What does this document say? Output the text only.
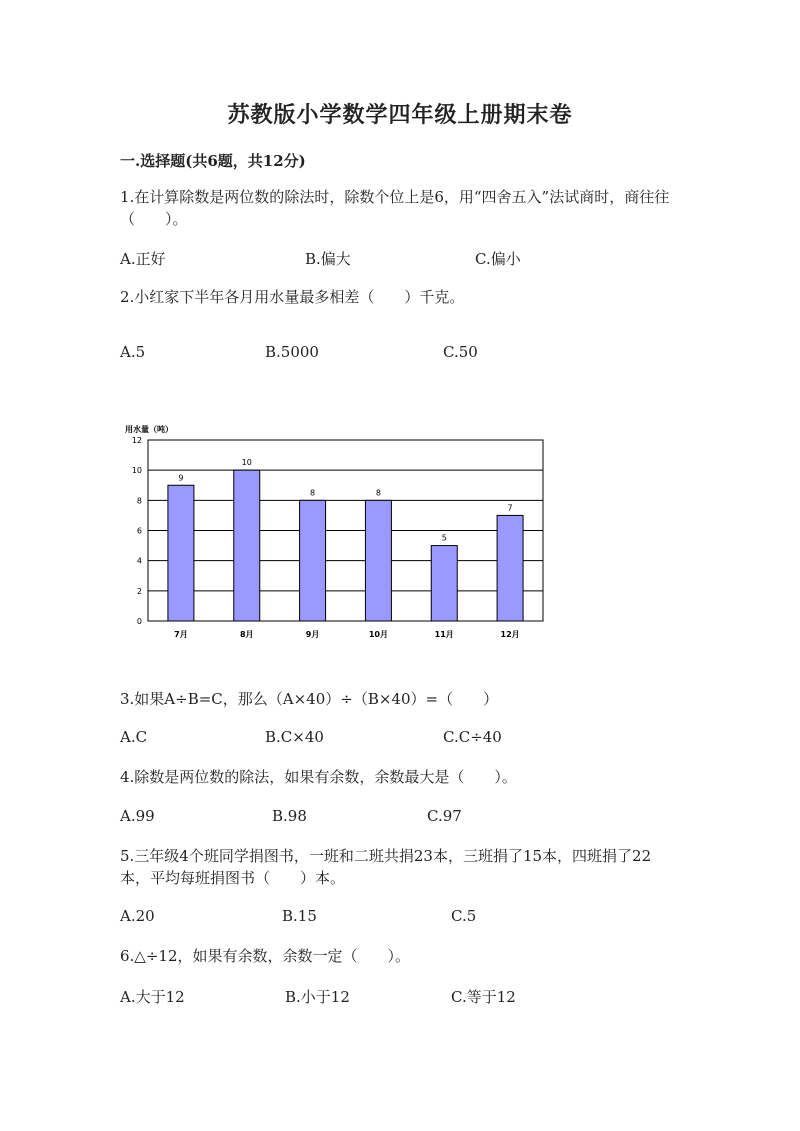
苏教版小学数学四年级上册期末卷
一.选择题(共6题，共12分)
1.在计算除数是两位数的除法时，除数个位上是6，用“四舍五入”法试商时，商往往（　　）。
A.正好	B.偏大	C.偏小
2.小红家下半年各月用水量最多相差（　　）千克。
A.5	B.5000	C.50
用水量（吨）
0
2
4
6
8
10
12
9
7月
10
8月
8
9月
8
10月
5
11月
7
12月
3.如果A÷B=C，那么（A×40）÷（B×40）=（　　）
A.C	B.C×40	C.C÷40
4.除数是两位数的除法，如果有余数，余数最大是（　　）。
A.99	B.98	C.97
5.三年级4个班同学捐图书，一班和二班共捐23本，三班捐了15本，四班捐了22本，平均每班捐图书（　　）本。
A.20	B.15	C.5
6.△÷12，如果有余数，余数一定（　　）。
A.大于12	B.小于12	C.等于12
